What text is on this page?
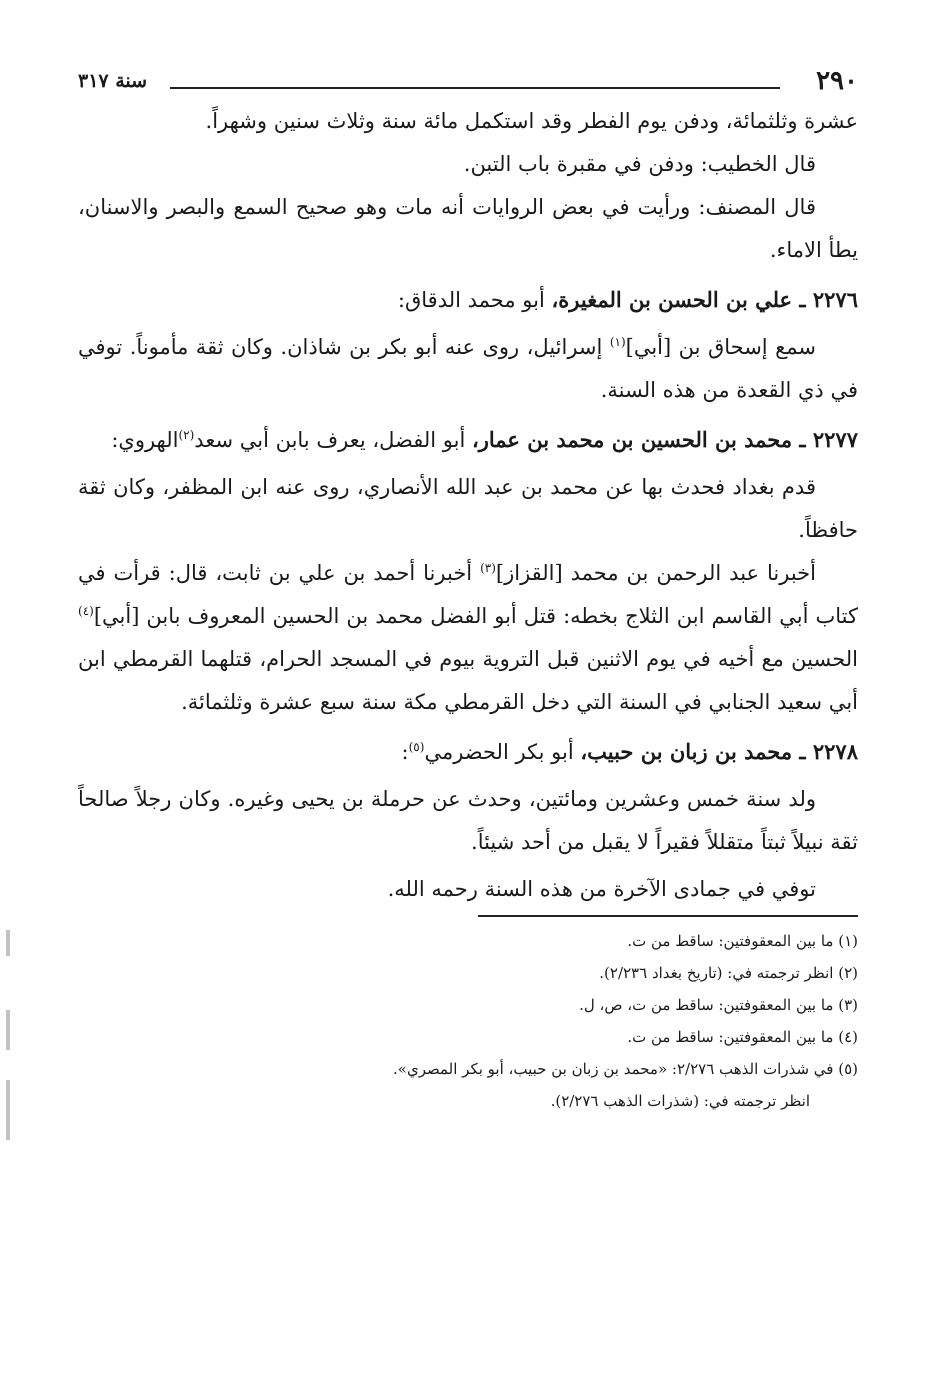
٢٩٠
سنة ٣١٧

عشرة وثلثمائة، ودفن يوم الفطر وقد استكمل مائة سنة وثلاث سنين وشهراً.

قال الخطيب: ودفن في مقبرة باب التبن.

قال المصنف: ورأيت في بعض الروايات أنه مات وهو صحيح السمع والبصر والاسنان، يطأ الاماء.

٢٢٧٦ ـ علي بن الحسن بن المغيرة، أبو محمد الدقاق:

سمع إسحاق بن [أبي]$^{(١)}$ إسرائيل، روى عنه أبو بكر بن شاذان. وكان ثقة مأموناً. توفي في ذي القعدة من هذه السنة.

٢٢٧٧ ـ محمد بن الحسين بن محمد بن عمار، أبو الفضل، يعرف بابن أبي سعد$^{(٢)}$الهروي:

قدم بغداد فحدث بها عن محمد بن عبد الله الأنصاري، روى عنه ابن المظفر، وكان ثقة حافظاً.

أخبرنا عبد الرحمن بن محمد [القزاز]$^{(٣)}$ أخبرنا أحمد بن علي بن ثابت، قال: قرأت في كتاب أبي القاسم ابن الثلاج بخطه: قتل أبو الفضل محمد بن الحسين المعروف بابن [أبي]$^{(٤)}$ الحسين مع أخيه في يوم الاثنين قبل التروية بيوم في المسجد الحرام، قتلهما القرمطي ابن أبي سعيد الجنابي في السنة التي دخل القرمطي مكة سنة سبع عشرة وثلثمائة.

٢٢٧٨ ـ محمد بن زبان بن حبيب، أبو بكر الحضرمي$^{(٥)}$:

ولد سنة خمس وعشرين ومائتين، وحدث عن حرملة بن يحيى وغيره. وكان رجلاً صالحاً ثقة نبيلاً ثبتاً متقللاً فقيراً لا يقبل من أحد شيئاً.

توفي في جمادى الآخرة من هذه السنة رحمه الله.

(١) ما بين المعقوفتين: ساقط من ت.

(٢) انظر ترجمته في: (تاريخ بغداد ٢/٢٣٦).

(٣) ما بين المعقوفتين: ساقط من ت، ص، ل.

(٤) ما بين المعقوفتين: ساقط من ت.

(٥) في شذرات الذهب ٢/٢٧٦: «محمد بن زبان بن حبيب، أبو بكر المصري».

انظر ترجمته في: (شذرات الذهب ٢/٢٧٦).
